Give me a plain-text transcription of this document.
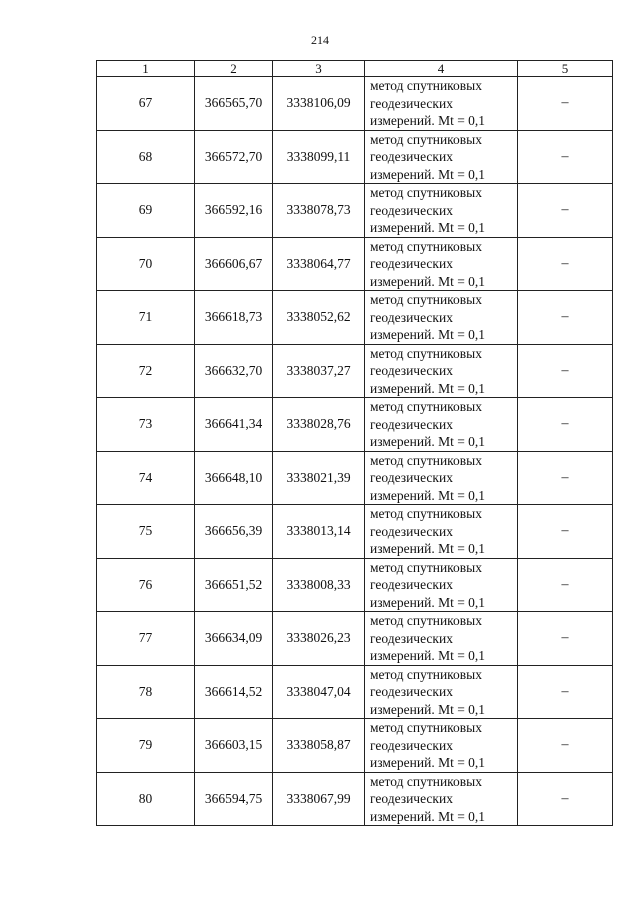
214
1	2	3	4	5
67	366565,70	3338106,09	метод спутниковых
геодезических
измерений. Mt = 0,1	–
68	366572,70	3338099,11	метод спутниковых
геодезических
измерений. Mt = 0,1	–
69	366592,16	3338078,73	метод спутниковых
геодезических
измерений. Mt = 0,1	–
70	366606,67	3338064,77	метод спутниковых
геодезических
измерений. Mt = 0,1	–
71	366618,73	3338052,62	метод спутниковых
геодезических
измерений. Mt = 0,1	–
72	366632,70	3338037,27	метод спутниковых
геодезических
измерений. Mt = 0,1	–
73	366641,34	3338028,76	метод спутниковых
геодезических
измерений. Mt = 0,1	–
74	366648,10	3338021,39	метод спутниковых
геодезических
измерений. Mt = 0,1	–
75	366656,39	3338013,14	метод спутниковых
геодезических
измерений. Mt = 0,1	–
76	366651,52	3338008,33	метод спутниковых
геодезических
измерений. Mt = 0,1	–
77	366634,09	3338026,23	метод спутниковых
геодезических
измерений. Mt = 0,1	–
78	366614,52	3338047,04	метод спутниковых
геодезических
измерений. Mt = 0,1	–
79	366603,15	3338058,87	метод спутниковых
геодезических
измерений. Mt = 0,1	–
80	366594,75	3338067,99	метод спутниковых
геодезических
измерений. Mt = 0,1	–
